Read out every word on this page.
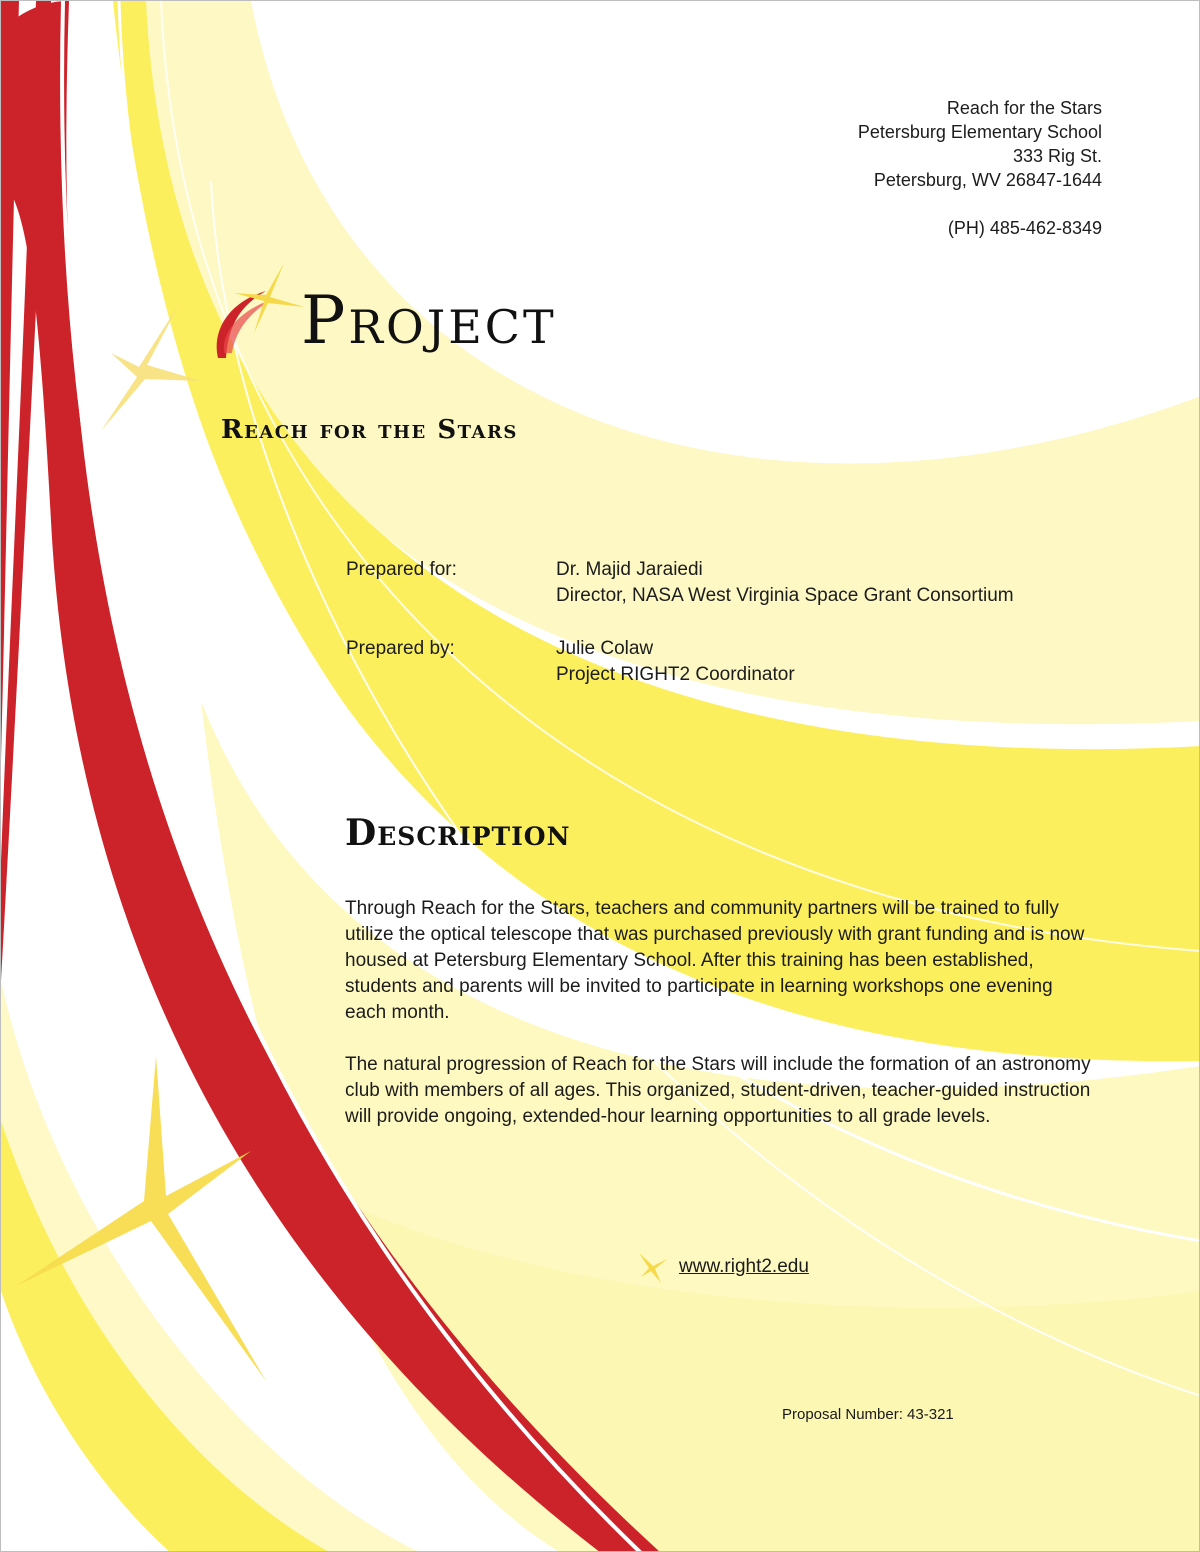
Reach for the Stars
Petersburg Elementary School
333 Rig St.
Petersburg, WV 26847-1644
(PH) 485-462-8349
Project
Reach for the Stars
Prepared for:	Dr. Majid Jaraiedi
Director, NASA West Virginia Space Grant Consortium
Prepared by:	Julie Colaw
Project RIGHT2 Coordinator
Description

Through Reach for the Stars, teachers and community partners will be trained to fully utilize the optical telescope that was purchased previously with grant funding and is now housed at Petersburg Elementary School. After this training has been established, students and parents will be invited to participate in learning workshops one evening each month.

The natural progression of Reach for the Stars will include the formation of an astronomy club with members of all ages. This organized, student-driven, teacher-guided instruction will provide ongoing, extended-hour learning opportunities to all grade levels.

www.right2.edu
Proposal Number: 43-321
